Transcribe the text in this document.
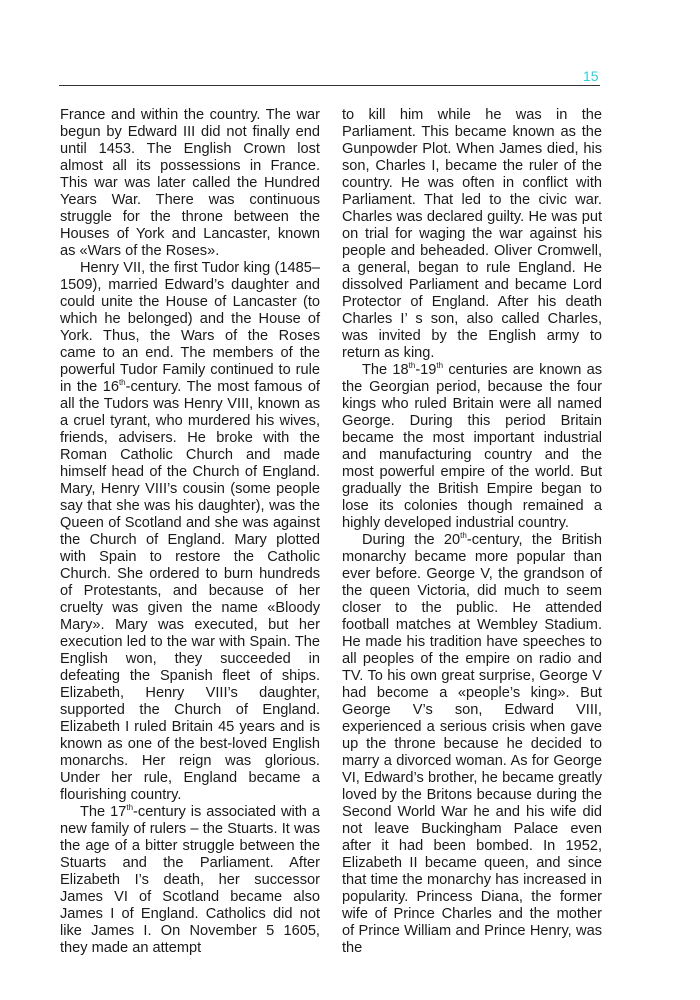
15

France and within the country. The war begun by Edward III did not finally end until 1453. The English Crown lost almost all its possessions in France. This war was later called the Hundred Years War. There was continuous struggle for the throne between the Houses of York and Lancaster, known as «Wars of the Roses».

Henry VII, the first Tudor king (1485–1509), married Edward’s daughter and could unite the House of Lancaster (to which he belonged) and the House of York. Thus, the Wars of the Roses came to an end. The members of the powerful Tudor Family continued to rule in the 16th-century. The most famous of all the Tudors was Henry VIII, known as a cruel tyrant, who murdered his wives, friends, advisers. He broke with the Roman Catholic Church and made himself head of the Church of England. Mary, Henry VIII’s cousin (some people say that she was his daughter), was the Queen of Scotland and she was against the Church of England. Mary plotted with Spain to restore the Catholic Church. She ordered to burn hundreds of Protestants, and because of her cruelty was given the name «Bloody Mary». Mary was executed, but her execution led to the war with Spain. The English won, they succeeded in defeating the Spanish fleet of ships. Elizabeth, Henry VIII’s daughter, supported the Church of England. Elizabeth I ruled Britain 45 years and is known as one of the best-loved English monarchs. Her reign was glorious. Under her rule, England became a flourishing country.

The 17th-century is associated with a new family of rulers – the Stuarts. It was the age of a bitter struggle between the Stuarts and the Parliament. After Elizabeth I’s death, her successor James VI of Scotland became also James I of England. Catholics did not like James I. On November 5 1605, they made an attempt

to kill him while he was in the Parliament. This became known as the Gunpowder Plot. When James died, his son, Charles I, became the ruler of the country. He was often in conflict with Parliament. That led to the civic war. Charles was declared guilty. He was put on trial for waging the war against his people and beheaded. Oliver Cromwell, a general, began to rule England. He dissolved Parliament and became Lord Protector of England. After his death Charles I’ s son, also called Charles, was invited by the English army to return as king.

The 18th-19th centuries are known as the Georgian period, because the four kings who ruled Britain were all named George. During this period Britain became the most important industrial and manufacturing country and the most powerful empire of the world. But gradually the British Empire began to lose its colonies though remained a highly developed industrial country.

During the 20th-century, the British monarchy became more popular than ever before. George V, the grandson of the queen Victoria, did much to seem closer to the public. He attended football matches at Wembley Stadium. He made his tradition have speeches to all peoples of the empire on radio and TV. To his own great surprise, George V had become a «people’s king». But George V’s son, Edward VIII, experienced a serious crisis when gave up the throne because he decided to marry a divorced woman. As for George VI, Edward’s brother, he became greatly loved by the Britons because during the Second World War he and his wife did not leave Buckingham Palace even after it had been bombed. In 1952, Elizabeth II became queen, and since that time the monarchy has increased in popularity. Princess Diana, the former wife of Prince Charles and the mother of Prince William and Prince Henry, was the
